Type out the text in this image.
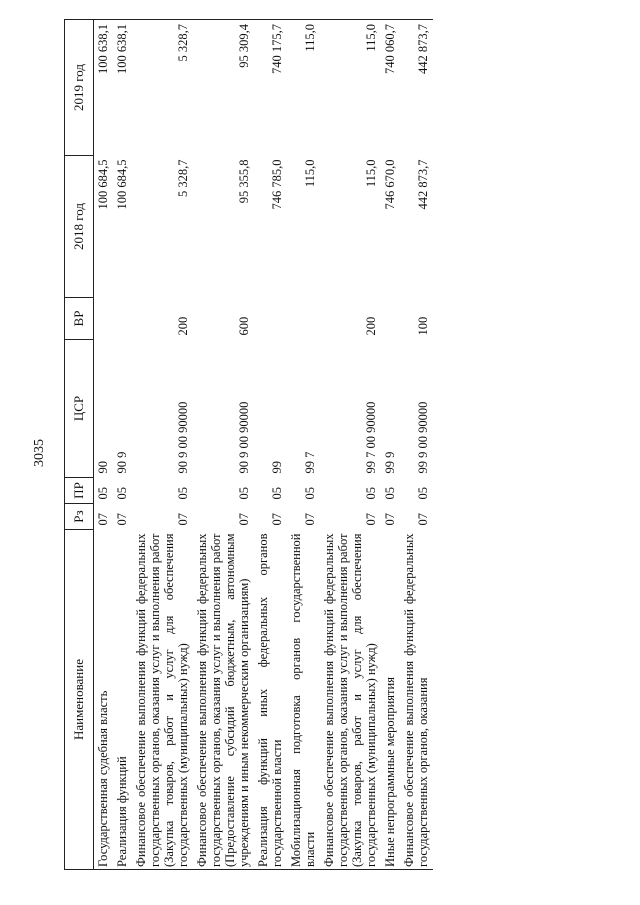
3035
Наименование	Рз	ПР	ЦСР	ВР	2018 год	2019 год
Государственная судебная власть	07	05	90		100 684,5	100 638,1
Реализация функций	07	05	90 9		100 684,5	100 638,1
Финансовое обеспечение выполнения функций федеральных государственных органов, оказания услуг и выполнения работ (Закупка товаров, работ и услуг для обеспечения государственных (муниципальных) нужд)	07	05	90 9 00 90000	200	5 328,7	5 328,7
Финансовое обеспечение выполнения функций федеральных государственных органов, оказания услуг и выполнения работ (Предоставление субсидий бюджетным, автономным учреждениям и иным некоммерческим организациям)	07	05	90 9 00 90000	600	95 355,8	95 309,4
Реализация функций иных федеральных органов государственной власти	07	05	99		746 785,0	740 175,7
Мобилизационная подготовка органов государственной власти	07	05	99 7		115,0	115,0
Финансовое обеспечение выполнения функций федеральных государственных органов, оказания услуг и выполнения работ (Закупка товаров, работ и услуг для обеспечения государственных (муниципальных) нужд)	07	05	99 7 00 90000	200	115,0	115,0
Иные непрограммные мероприятия	07	05	99 9		746 670,0	740 060,7
Финансовое обеспечение выполнения функций федеральных государственных органов, оказания	07	05	99 9 00 90000	100	442 873,7	442 873,7
